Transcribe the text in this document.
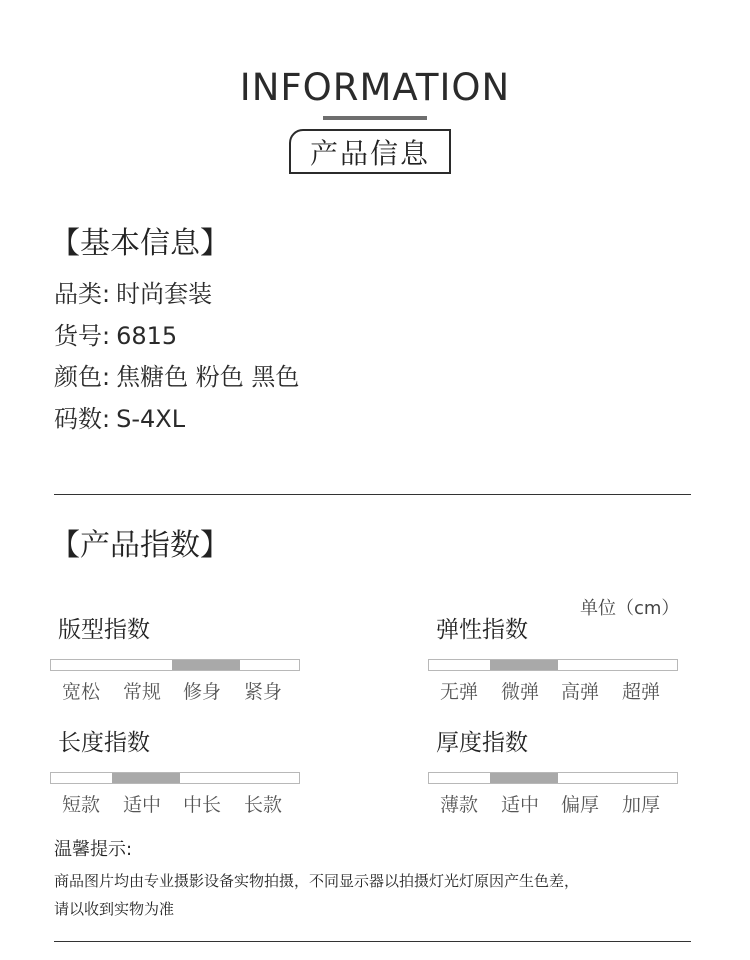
INFORMATION
产品信息
【基本信息】
品类: 时尚套装
货号: 6815
颜色: 焦糖色 粉色 黑色
码数: S-4XL
【产品指数】
单位（cm）
版型指数
宽松	常规	修身	紧身
弹性指数
无弹	微弹	高弹	超弹
长度指数
短款	适中	中长	长款
厚度指数
薄款	适中	偏厚	加厚
温馨提示:
商品图片均由专业摄影设备实物拍摄，不同显示器以拍摄灯光灯原因产生色差，
请以收到实物为准
